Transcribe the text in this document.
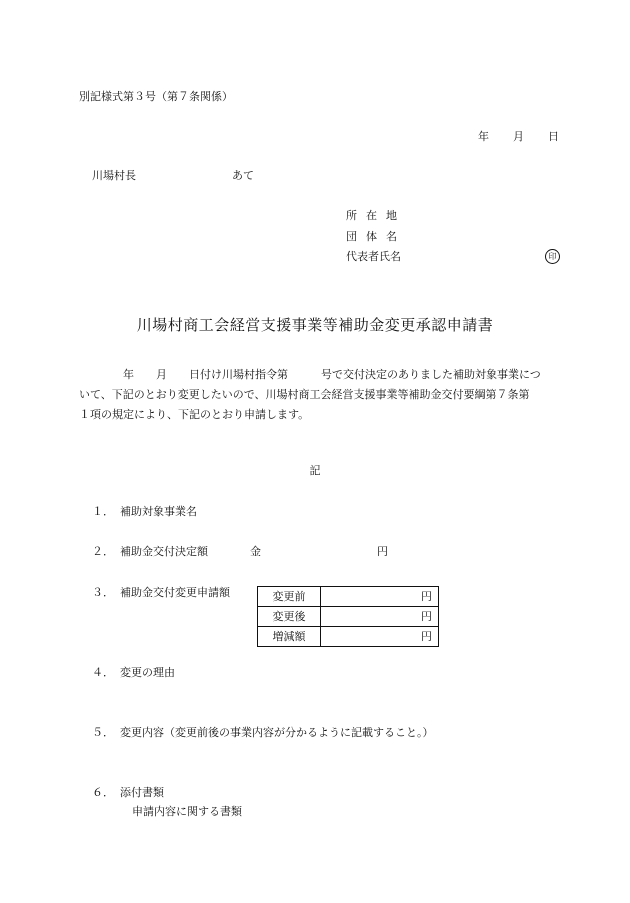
別記様式第３号（第７条関係）
年 月 日
川場村長	あて
所在地
団体名
代表者氏名	印
川場村商工会経営支援事業等補助金変更承認申請書
　　　　年　　月　　日付け川場村指令第　　　号で交付決定のありました補助対象事業につ
いて、下記のとおり変更したいので、川場村商工会経営支援事業等補助金交付要綱第７条第
１項の規定により、下記のとおり申請します。
記
１． 補助対象事業名
２． 補助金交付決定額	金	円
３． 補助金交付変更申請額	変更前	円
変更後	円
増減額	円
４． 変更の理由
５． 変更内容（変更前後の事業内容が分かるように記載すること。）
６． 添付書類
申請内容に関する書類
